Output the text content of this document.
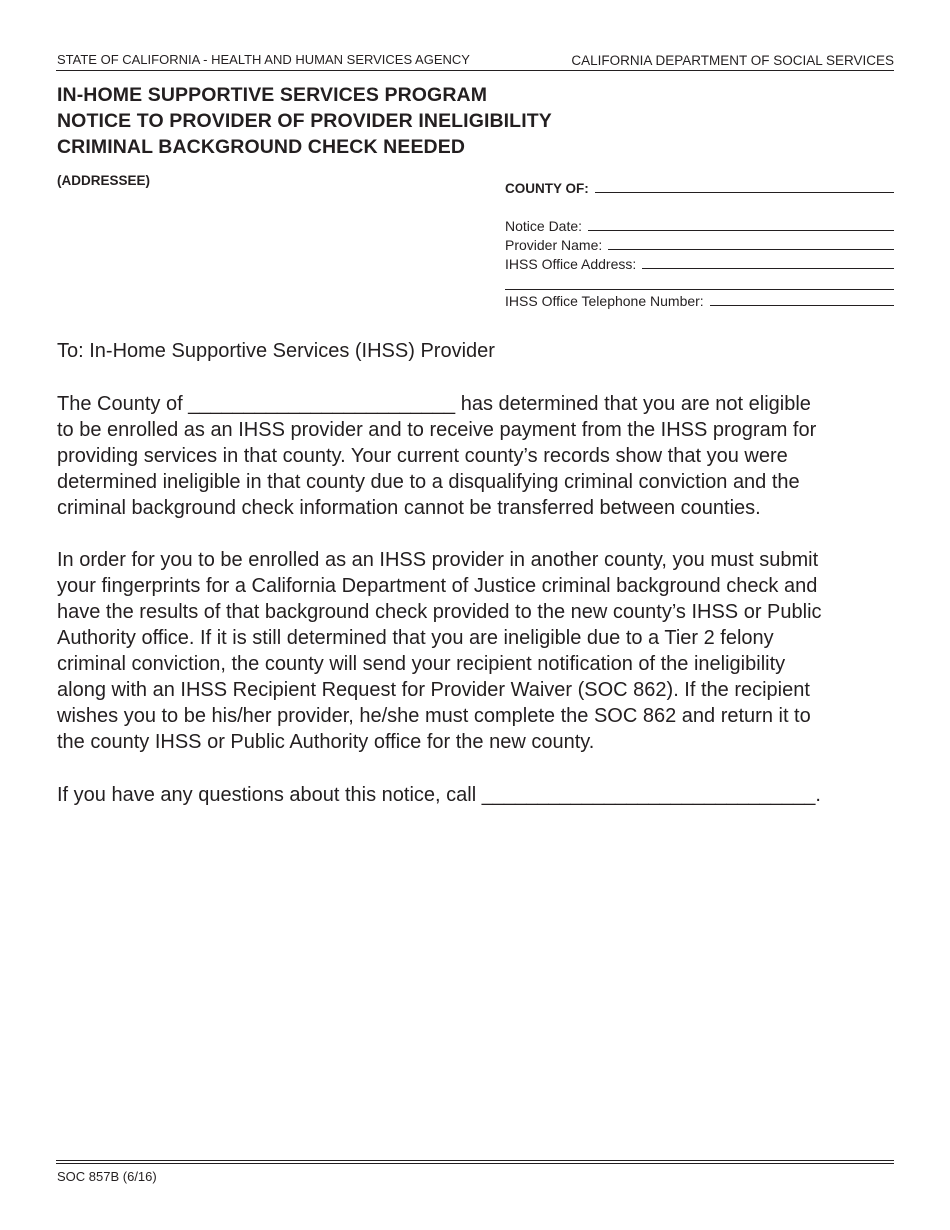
STATE OF CALIFORNIA - HEALTH AND HUMAN SERVICES AGENCY	CALIFORNIA DEPARTMENT OF SOCIAL SERVICES
IN-HOME SUPPORTIVE SERVICES PROGRAM
NOTICE TO PROVIDER OF PROVIDER INELIGIBILITY
CRIMINAL BACKGROUND CHECK NEEDED
(ADDRESSEE)
COUNTY OF:
Notice Date:
Provider Name:
IHSS Office Address:
IHSS Office Telephone Number:
To: In-Home Supportive Services (IHSS) Provider
The County of ________________________ has determined that you are not eligible
to be enrolled as an IHSS provider and to receive payment from the IHSS program for
providing services in that county. Your current county’s records show that you were
determined ineligible in that county due to a disqualifying criminal conviction and the
criminal background check information cannot be transferred between counties.
In order for you to be enrolled as an IHSS provider in another county, you must submit
your fingerprints for a California Department of Justice criminal background check and
have the results of that background check provided to the new county’s IHSS or Public
Authority office. If it is still determined that you are ineligible due to a Tier 2 felony
criminal conviction, the county will send your recipient notification of the ineligibility
along with an IHSS Recipient Request for Provider Waiver (SOC 862). If the recipient
wishes you to be his/her provider, he/she must complete the SOC 862 and return it to
the county IHSS or Public Authority office for the new county.
If you have any questions about this notice, call ______________________________.
SOC 857B (6/16)
